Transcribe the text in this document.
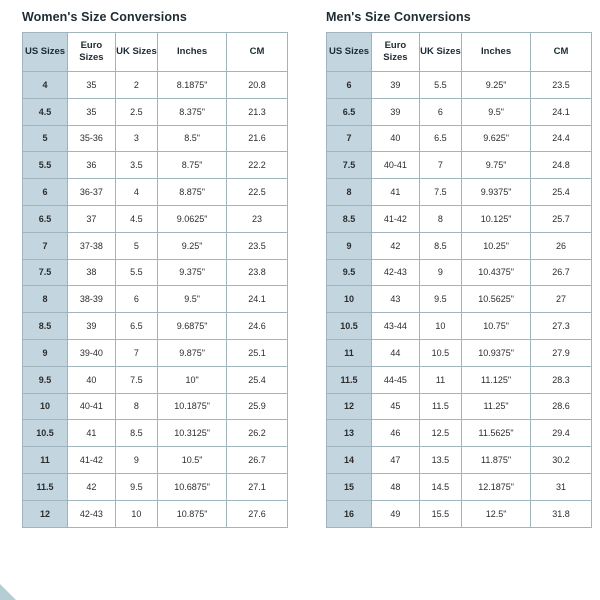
Women's Size Conversions
US Sizes	Euro Sizes	UK Sizes	Inches	CM
4	35	2	8.1875"	20.8
4.5	35	2.5	8.375"	21.3
5	35-36	3	8.5"	21.6
5.5	36	3.5	8.75"	22.2
6	36-37	4	8.875"	22.5
6.5	37	4.5	9.0625"	23
7	37-38	5	9.25"	23.5
7.5	38	5.5	9.375"	23.8
8	38-39	6	9.5"	24.1
8.5	39	6.5	9.6875"	24.6
9	39-40	7	9.875"	25.1
9.5	40	7.5	10"	25.4
10	40-41	8	10.1875"	25.9
10.5	41	8.5	10.3125"	26.2
11	41-42	9	10.5"	26.7
11.5	42	9.5	10.6875"	27.1
12	42-43	10	10.875"	27.6
Men's Size Conversions
US Sizes	Euro Sizes	UK Sizes	Inches	CM
6	39	5.5	9.25"	23.5
6.5	39	6	9.5"	24.1
7	40	6.5	9.625"	24.4
7.5	40-41	7	9.75"	24.8
8	41	7.5	9.9375"	25.4
8.5	41-42	8	10.125"	25.7
9	42	8.5	10.25"	26
9.5	42-43	9	10.4375"	26.7
10	43	9.5	10.5625"	27
10.5	43-44	10	10.75"	27.3
11	44	10.5	10.9375"	27.9
11.5	44-45	11	11.125"	28.3
12	45	11.5	11.25"	28.6
13	46	12.5	11.5625"	29.4
14	47	13.5	11.875"	30.2
15	48	14.5	12.1875"	31
16	49	15.5	12.5"	31.8
